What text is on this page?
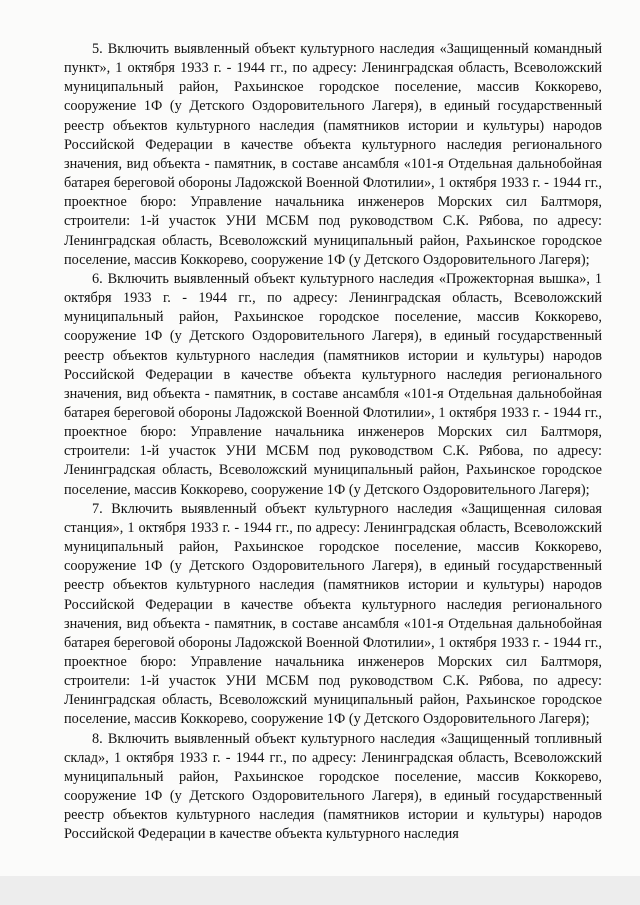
5. Включить выявленный объект культурного наследия «Защищенный командный пункт», 1 октября 1933 г. - 1944 гг., по адресу: Ленинградская область, Всеволожский муниципальный район, Рахьинское городское поселение, массив Коккорево, сооружение 1Ф (у Детского Оздоровительного Лагеря), в единый государственный реестр объектов культурного наследия (памятников истории и культуры) народов Российской Федерации в качестве объекта культурного наследия регионального значения, вид объекта - памятник, в составе ансамбля «101-я Отдельная дальнобойная батарея береговой обороны Ладожской Военной Флотилии», 1 октября 1933 г. - 1944 гг., проектное бюро: Управление начальника инженеров Морских сил Балтморя, строители: 1-й участок УНИ МСБМ под руководством С.К. Рябова, по адресу: Ленинградская область, Всеволожский муниципальный район, Рахьинское городское поселение, массив Коккорево, сооружение 1Ф (у Детского Оздоровительного Лагеря);

6. Включить выявленный объект культурного наследия «Прожекторная вышка», 1 октября 1933 г. - 1944 гг., по адресу: Ленинградская область, Всеволожский муниципальный район, Рахьинское городское поселение, массив Коккорево, сооружение 1Ф (у Детского Оздоровительного Лагеря), в единый государственный реестр объектов культурного наследия (памятников истории и культуры) народов Российской Федерации в качестве объекта культурного наследия регионального значения, вид объекта - памятник, в составе ансамбля «101-я Отдельная дальнобойная батарея береговой обороны Ладожской Военной Флотилии», 1 октября 1933 г. - 1944 гг., проектное бюро: Управление начальника инженеров Морских сил Балтморя, строители: 1-й участок УНИ МСБМ под руководством С.К. Рябова, по адресу: Ленинградская область, Всеволожский муниципальный район, Рахьинское городское поселение, массив Коккорево, сооружение 1Ф (у Детского Оздоровительного Лагеря);

7. Включить выявленный объект культурного наследия «Защищенная силовая станция», 1 октября 1933 г. - 1944 гг., по адресу: Ленинградская область, Всеволожский муниципальный район, Рахьинское городское поселение, массив Коккорево, сооружение 1Ф (у Детского Оздоровительного Лагеря), в единый государственный реестр объектов культурного наследия (памятников истории и культуры) народов Российской Федерации в качестве объекта культурного наследия регионального значения, вид объекта - памятник, в составе ансамбля «101-я Отдельная дальнобойная батарея береговой обороны Ладожской Военной Флотилии», 1 октября 1933 г. - 1944 гг., проектное бюро: Управление начальника инженеров Морских сил Балтморя, строители: 1-й участок УНИ МСБМ под руководством С.К. Рябова, по адресу: Ленинградская область, Всеволожский муниципальный район, Рахьинское городское поселение, массив Коккорево, сооружение 1Ф (у Детского Оздоровительного Лагеря);

8. Включить выявленный объект культурного наследия «Защищенный топливный склад», 1 октября 1933 г. - 1944 гг., по адресу: Ленинградская область, Всеволожский муниципальный район, Рахьинское городское поселение, массив Коккорево, сооружение 1Ф (у Детского Оздоровительного Лагеря), в единый государственный реестр объектов культурного наследия (памятников истории и культуры) народов Российской Федерации в качестве объекта культурного наследия
